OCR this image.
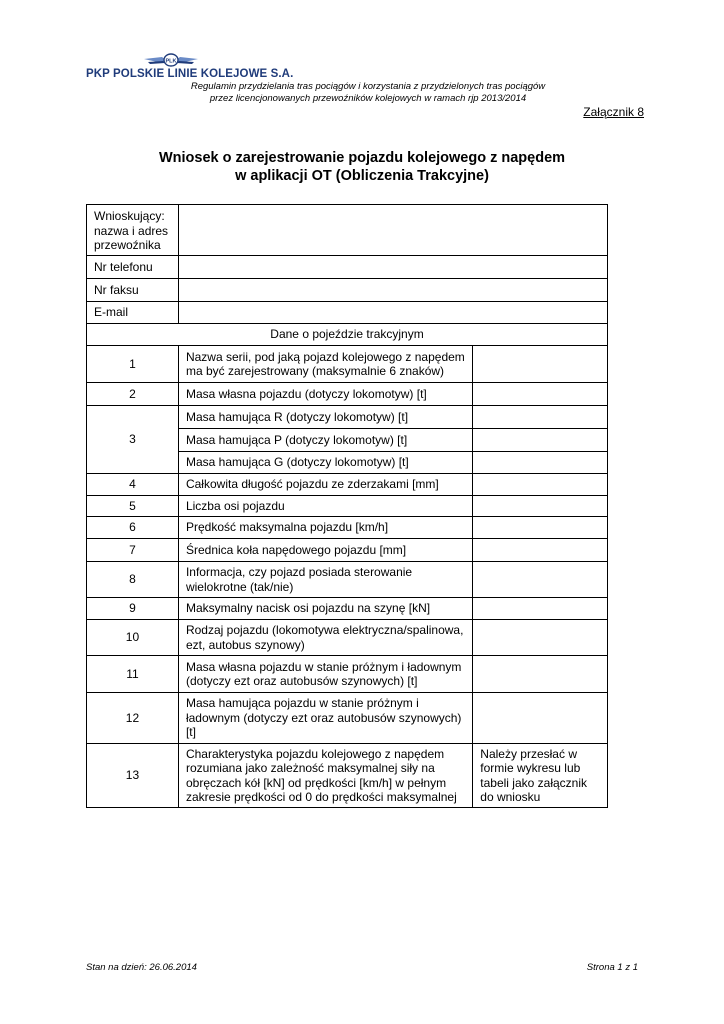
PLK
PKP POLSKIE LINIE KOLEJOWE S.A.
Regulamin przydzielania tras pociągów i korzystania z przydzielonych tras pociągów
przez licencjonowanych przewoźników kolejowych w ramach rjp 2013/2014
Załącznik 8
Wniosek o zarejestrowanie pojazdu kolejowego z napędem
w aplikacji OT (Obliczenia Trakcyjne)
Wnioskujący: nazwa i adres przewoźnika		
Nr telefonu		
Nr faksu		
E-mail		
Dane o pojeździe trakcyjnym		
1	Nazwa serii, pod jaką pojazd kolejowego z napędem ma być zarejestrowany (maksymalnie 6 znaków)	
2	Masa własna pojazdu (dotyczy lokomotyw) [t]	
3	Masa hamująca R (dotyczy lokomotyw) [t]	
	Masa hamująca P (dotyczy lokomotyw) [t]	
	Masa hamująca G (dotyczy lokomotyw) [t]	
4	Całkowita długość pojazdu ze zderzakami [mm]	
5	Liczba osi pojazdu	
6	Prędkość maksymalna pojazdu [km/h]	
7	Średnica koła napędowego pojazdu [mm]	
8	Informacja, czy pojazd posiada sterowanie wielokrotne (tak/nie)	
9	Maksymalny nacisk osi pojazdu na szynę [kN]	
10	Rodzaj pojazdu (lokomotywa elektryczna/spalinowa, ezt, autobus szynowy)	
11	Masa własna pojazdu w stanie próżnym i ładownym (dotyczy ezt oraz autobusów szynowych) [t]	
12	Masa hamująca pojazdu w stanie próżnym i ładownym (dotyczy ezt oraz autobusów szynowych) [t]	
13	Charakterystyka pojazdu kolejowego z napędem rozumiana jako zależność maksymalnej siły na obręczach kół [kN] od prędkości [km/h] w pełnym zakresie prędkości od 0 do prędkości maksymalnej	Należy przesłać w formie wykresu lub tabeli jako załącznik do wniosku
Stan na dzień: 26.06.2014	Strona 1 z 1
